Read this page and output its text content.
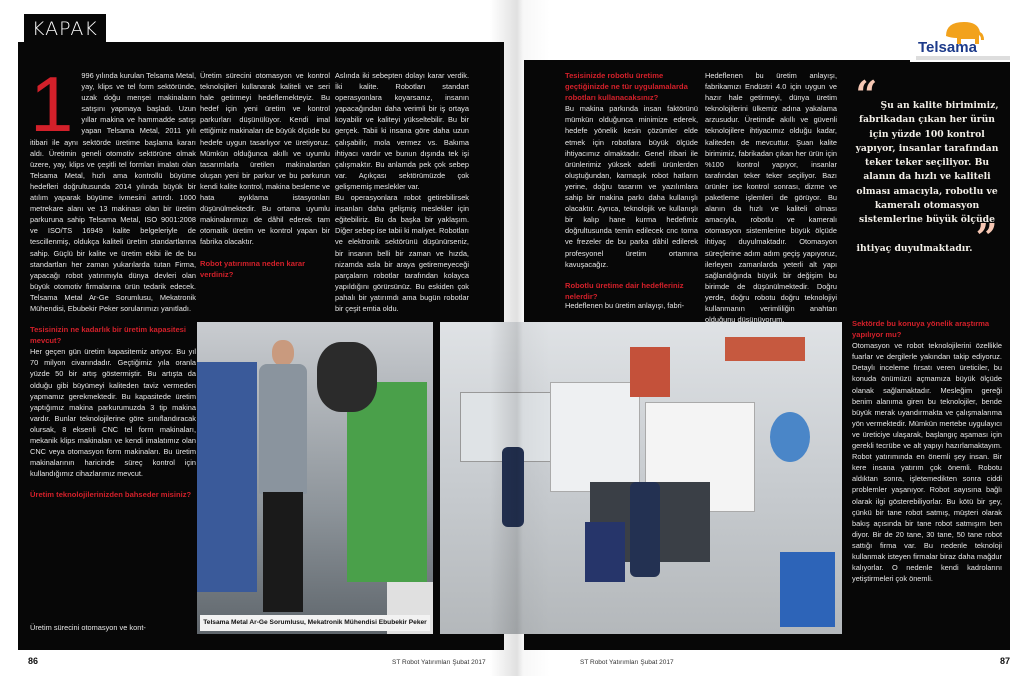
KAPAK
Telsama
1	996 yılında kurulan Telsama Metal, yay, klips ve tel form sektöründe, uzak doğu menşei makinaların satışını yapmaya başladı. Uzun yıllar makina ve hammadde satışı yapan Telsama Metal, 2011 yılı itibari ile aynı sektörde üretime başlama kararı aldı. Üretimin geneli otomotiv sektörüne olmak üzere, yay, klips ve çeşitli tel formları imalatı olan Telsama Metal, hızlı ama kontrollü büyüme hedefleri doğrultusunda 2014 yılında büyük bir atılım yaparak büyüme ivmesini artırdı. 1000 metrekare alanı ve 13 makinası olan bir üretim parkuruna sahip Telsama Metal, ISO 9001:2008 ve ISO/TS 16949 kalite belgeleriyle de tescillenmiş, oldukça kaliteli üretim standartlarına sahip. Güçlü bir kalite ve üretim ekibi ile de bu standartları her zaman yukarılarda tutan Firma, yapacağı robot yatırımıyla dünya devleri olan büyük otomotiv firmalarına ürün tedarik edecek. Telsama Metal Ar-Ge Sorumlusu, Mekatronik Mühendisi, Ebubekir Peker sorularımızı yanıtladı.

Tesisinizin ne kadarlık bir üretim kapasitesi mevcut?

Her geçen gün üretim kapasitemiz artıyor. Bu yıl 70 milyon civarındadır. Geçtiğimiz yıla oranla yüzde 50 bir artış göstermiştir. Bu artışta da olduğu gibi büyümeyi kaliteden taviz vermeden yapmamız gerekmektedir. Bu kapasitede üretim yaptığımız makina parkurumuzda 3 tip makina vardır. Bunlar teknolojilerine göre sınıflandıracak olursak, 8 eksenli CNC tel form makinaları, mekanik klips makinaları ve kendi imalatımız olan CNC veya otomasyon form makinaları. Bu üretim makinalarının haricinde süreç kontrol için kullandığımız cihazlarımız mevcut.

Üretim teknolojilerinizden bahseder misiniz?

Üretim sürecini otomasyon ve kont-

Üretim sürecini otomasyon ve kontrol teknolojileri kullanarak kaliteli ve seri hale getirmeyi hedeflemekteyiz. Bu hedef için yeni üretim ve kontrol parkurları düşünülüyor. Kendi imal ettiğimiz makinaları de büyük ölçüde bu hedefe uygun tasarlıyor ve üretiyoruz. Mümkün olduğunca akıllı ve uyumlu tasarımlarla üretilen makinalardan oluşan yeni bir parkur ve bu parkurun kendi kalite kontrol, makina besleme ve hata ayıklama istasyonları düşünülmektedir. Bu ortama uyumlu makinalarımızı de dâhil ederek tam otomatik üretim ve kontrol yapan bir fabrika olacaktır.

Robot yatırımına neden karar verdiniz?

Aslında iki sebepten dolayı karar verdik. İki kalite. Robotları standart operasyonlara koyarsanız, insanın yapacağından daha verimli bir iş ortaya koyabilir ve kaliteyi yükseltebilir. Bu bir gerçek. Tabii ki insana göre daha uzun çalışabilir, mola vermez vs. Bakıma ihtiyacı vardır ve bunun dışında tek işi çalışmaktır. Bu anlamda pek çok sebep var. Açıkçası sektörümüzde çok gelişmemiş meslekler var.

Bu operasyonlara robot getirebilirsek insanları daha gelişmiş meslekler için eğitebiliriz. Bu da başka bir yaklaşım. Diğer sebep ise tabii ki maliyet. Robotları ve elektronik sektörünü düşünürseniz, bir insanın belli bir zaman ve hızda, nizamda asla bir araya getiremeyeceği parçaların robotlar tarafından kolayca yapıldığını görürsünüz. Bu eskiden çok pahalı bir yatırımdı ama bugün robotlar bir çeşit emtia oldu.

Telsama Metal Ar-Ge Sorumlusu, Mekatronik Mühendisi Ebubekir Peker
Tesisinizde robotlu üretime geçtiğinizde ne tür uygulamalarda robotları kullanacaksınız?

Bu makina parkında insan faktörünü mümkün olduğunca minimize ederek, hedefe yönelik kesin çözümler elde etmek için robotlara büyük ölçüde ihtiyacımız olmaktadır. Genel itibari ile ürünlerimiz yüksek adetli ürünlerden oluştuğundan, karmaşık robot hatların yerine, doğru tasarım ve yazılımlara sahip bir makina parkı daha kullanışlı olacaktır. Ayrıca, teknolojik ve kullanışlı bir kalıp hane kurma hedefimiz doğrultusunda temin edilecek cnc torna ve frezeler de bu parka dâhil edilerek profesyonel üretim ortamına kavuşacağız.

Robotlu üretime dair hedefleriniz nelerdir?

Hedeflenen bu üretim anlayışı, fabri-

Hedeflenen bu üretim anlayışı, fabrikamızı Endüstri 4.0 için uygun ve hazır hale getirmeyi, dünya üretim teknolojilerini ülkemiz adına yakalama arzusudur. Üretimde akıllı ve güvenli teknolojilere ihtiyacımız olduğu kadar, kaliteden de mevcuttur. Şuan kalite birimimiz, fabrikadan çıkan her ürün için %100 kontrol yapıyor, insanlar tarafından teker teker seçiliyor. Bazı ürünler ise kontrol sonrası, dizme ve paketleme işlemleri de görüyor. Bu alanın da hızlı ve kaliteli olması amacıyla, robotlu ve kameralı otomasyon sistemlerine büyük ölçüde ihtiyaç duyulmaktadır. Otomasyon süreçlerine adım adım geçiş yapıyoruz, ilerleyen zamanlarda yeterli alt yapı sağlandığında büyük bir değişim bu birimde de düşünülmektedir. Doğru yerde, doğru robotu doğru teknolojiyi kullanmanın verimliliğin anahtarı olduğunu düşünüyorum.

“ Şu an kalite birimimiz, fabrikadan çıkan her ürün için yüzde 100 kontrol yapıyor, insanlar tarafından teker teker seçiliyor. Bu alanın da hızlı ve kaliteli olması amacıyla, robotlu ve kameralı otomasyon sistemlerine büyük ölçüde ihtiyaç duyulmaktadır. ”
Sektörde bu konuya yönelik araştırma yapılıyor mu?

Otomasyon ve robot teknolojilerini özellikle fuarlar ve dergilerle yakından takip ediyoruz. Detaylı inceleme fırsatı veren üreticiler, bu konuda önümüzü açmamıza büyük ölçüde olanak sağlamaktadır. Mesleğim gereği benim alanıma giren bu teknolojiler, bende büyük merak uyandırmakta ve çalışmalarıma yön vermektedir. Mümkün mertebe uygulayıcı ve üreticiye ulaşarak, başlangıç aşaması için gerekli tecrübe ve alt yapıyı hazırlamaktayım. Robot yatırımında en önemli şey insan. Bir kere insana yatırım çok önemli. Robotu aldıktan sonra, işletemedikten sonra ciddi problemler yaşanıyor. Robot sayısına bağlı olarak ilgi gösterebiliyorlar. Bu kötü bir şey, çünkü bir tane robot satmış, müşteri olarak bakış açısında bir tane robot satmışım ben diyor. Bir de 20 tane, 30 tane, 50 tane robot sattığı firma var. Bu nedenle teknoloji kullanmak isteyen firmalar biraz daha mağdur kalıyorlar. O nedenle kendi kadrolarını yetiştirmeleri çok önemli.

86	ST Robot Yatırımları Şubat 2017	ST Robot Yatırımları Şubat 2017	87
